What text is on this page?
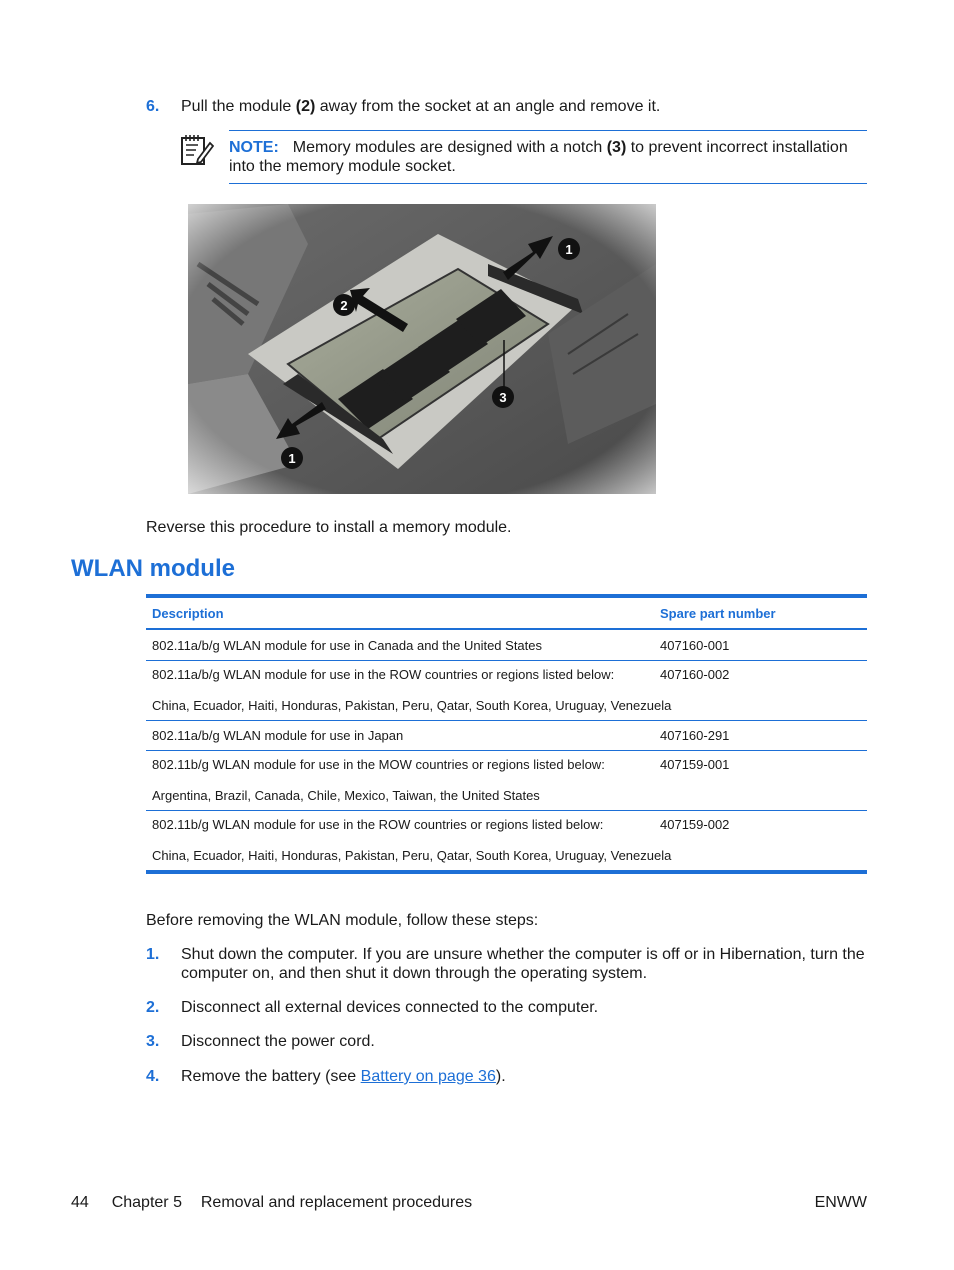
6. Pull the module (2) away from the socket at an angle and remove it.
NOTE: Memory modules are designed with a notch (3) to prevent incorrect installation into the memory module socket.
Reverse this procedure to install a memory module.
WLAN module
Description	Spare part number
802.11a/b/g WLAN module for use in Canada and the United States	407160-001
802.11a/b/g WLAN module for use in the ROW countries or regions listed below:	407160-002
China, Ecuador, Haiti, Honduras, Pakistan, Peru, Qatar, South Korea, Uruguay, Venezuela
802.11a/b/g WLAN module for use in Japan	407160-291
802.11b/g WLAN module for use in the MOW countries or regions listed below:	407159-001
Argentina, Brazil, Canada, Chile, Mexico, Taiwan, the United States
802.11b/g WLAN module for use in the ROW countries or regions listed below:	407159-002
China, Ecuador, Haiti, Honduras, Pakistan, Peru, Qatar, South Korea, Uruguay, Venezuela
Before removing the WLAN module, follow these steps:
1. Shut down the computer. If you are unsure whether the computer is off or in Hibernation, turn the computer on, and then shut it down through the operating system.
2. Disconnect all external devices connected to the computer.
3. Disconnect the power cord.
4. Remove the battery (see Battery on page 36).
44 Chapter 5 Removal and replacement procedures	ENWW
